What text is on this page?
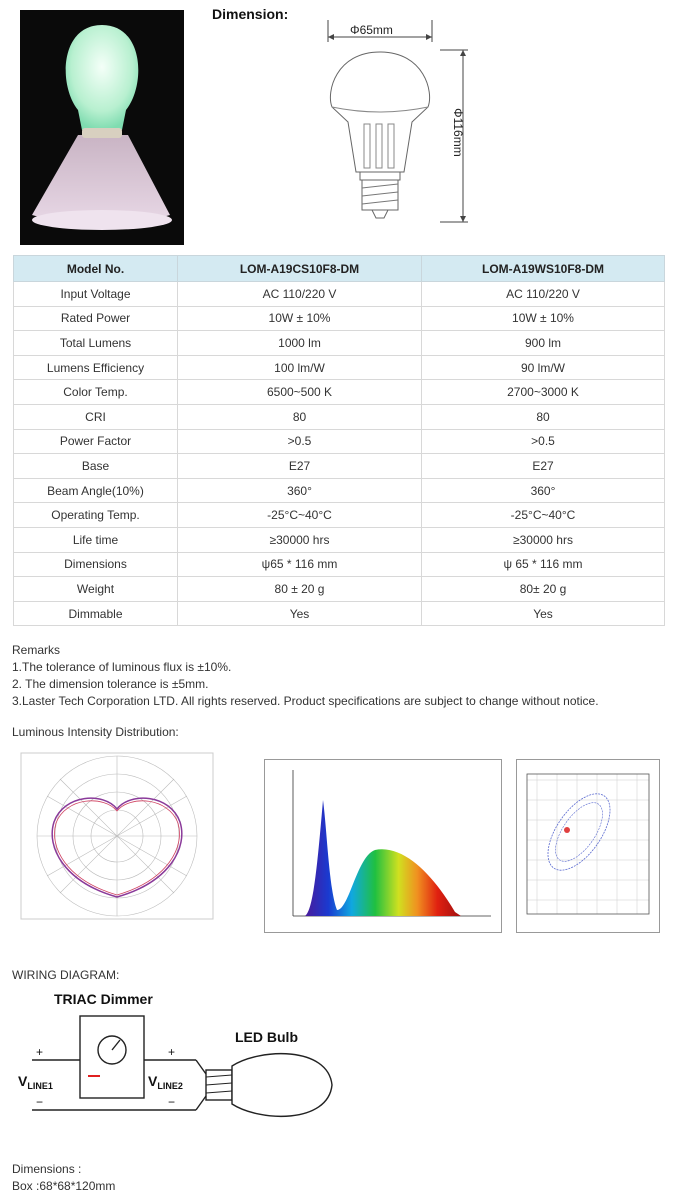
Dimension:
Φ65mm
Φ116mm
Model No.	LOM-A19CS10F8-DM	LOM-A19WS10F8-DM
Input Voltage	AC 110/220 V	AC 110/220 V
Rated Power	10W ± 10%	10W ± 10%
Total Lumens	1000 lm	900 lm
Lumens Efficiency	100 lm/W	90 lm/W
Color Temp.	6500~500 K	2700~3000 K
CRI	80	80
Power Factor	>0.5	>0.5
Base	E27	E27
Beam Angle(10%)	360°	360°
Operating Temp.	-25°C~40°C	-25°C~40°C
Life time	≥30000 hrs	≥30000 hrs
Dimensions	ψ65 * 116 mm	ψ 65 * 116 mm
Weight	80 ± 20 g	80± 20 g
Dimmable	Yes	Yes
Remarks
1.The tolerance of luminous flux is ±10%.
2. The dimension tolerance is ±5mm.
3.Laster Tech Corporation LTD. All rights reserved. Product specifications are subject to change without notice.
Luminous Intensity Distribution:
WIRING DIAGRAM:
TRIAC Dimmer
LED Bulb
+
−
+
−
$V_{LINE1}$	$V_{LINE2}$
Dimensions :
Box :68*68*120mm
